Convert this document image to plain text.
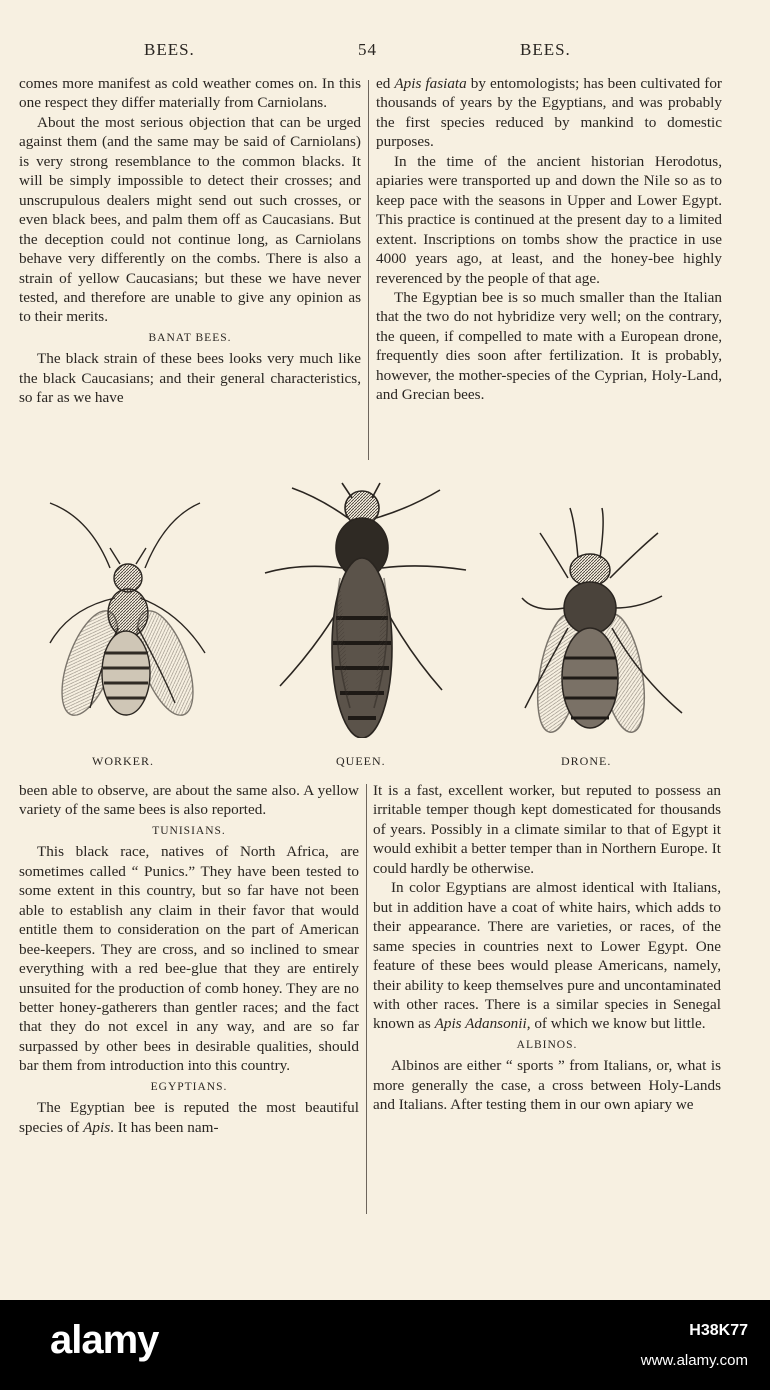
BEES.	54	BEES.

comes more manifest as cold weather comes on. In this one respect they differ materially from Carniolans.

About the most serious objection that can be urged against them (and the same may be said of Carniolans) is very strong resemblance to the common blacks. It will be simply impossible to detect their crosses; and unscrupulous dealers might send out such crosses, or even black bees, and palm them off as Caucasians. But the deception could not continue long, as Carniolans behave very differently on the combs. There is also a strain of yellow Caucasians; but these we have never tested, and therefore are unable to give any opinion as to their merits.

BANAT BEES.

The black strain of these bees looks very much like the black Caucasians; and their general characteristics, so far as we have

ed Apis fasiata by entomologists; has been cultivated for thousands of years by the Egyptians, and was probably the first species reduced by mankind to domestic purposes.

In the time of the ancient historian Herodotus, apiaries were transported up and down the Nile so as to keep pace with the seasons in Upper and Lower Egypt. This practice is continued at the present day to a limited extent. Inscriptions on tombs show the practice in use 4000 years ago, at least, and the honey-bee highly reverenced by the people of that age.

The Egyptian bee is so much smaller than the Italian that the two do not hybridize very well; on the contrary, the queen, if compelled to mate with a European drone, frequently dies soon after fertilization. It is probably, however, the mother-species of the Cyprian, Holy-Land, and Grecian bees.

WORKER.	QUEEN.	DRONE.

been able to observe, are about the same also. A yellow variety of the same bees is also reported.

TUNISIANS.

This black race, natives of North Africa, are sometimes called “ Punics.” They have been tested to some extent in this country, but so far have not been able to establish any claim in their favor that would entitle them to consideration on the part of American bee-keepers. They are cross, and so inclined to smear everything with a red bee-glue that they are entirely unsuited for the production of comb honey. They are no better honey-gatherers than gentler races; and the fact that they do not excel in any way, and are so far surpassed by other bees in desirable qualities, should bar them from introduction into this country.

EGYPTIANS.

The Egyptian bee is reputed the most beautiful species of Apis. It has been nam-

It is a fast, excellent worker, but reputed to possess an irritable temper though kept domesticated for thousands of years. Possibly in a climate similar to that of Egypt it would exhibit a better temper than in Northern Europe. It could hardly be otherwise.

In color Egyptians are almost identical with Italians, but in addition have a coat of white hairs, which adds to their appearance. There are varieties, or races, of the same species in countries next to Lower Egypt. One feature of these bees would please Americans, namely, their ability to keep themselves pure and uncontaminated with other races. There is a similar species in Senegal known as Apis Adansonii, of which we know but little.

ALBINOS.

Albinos are either “ sports ” from Italians, or, what is more generally the case, a cross between Holy-Lands and Italians. After testing them in our own apiary we

alamy	H38K77
www.alamy.com
